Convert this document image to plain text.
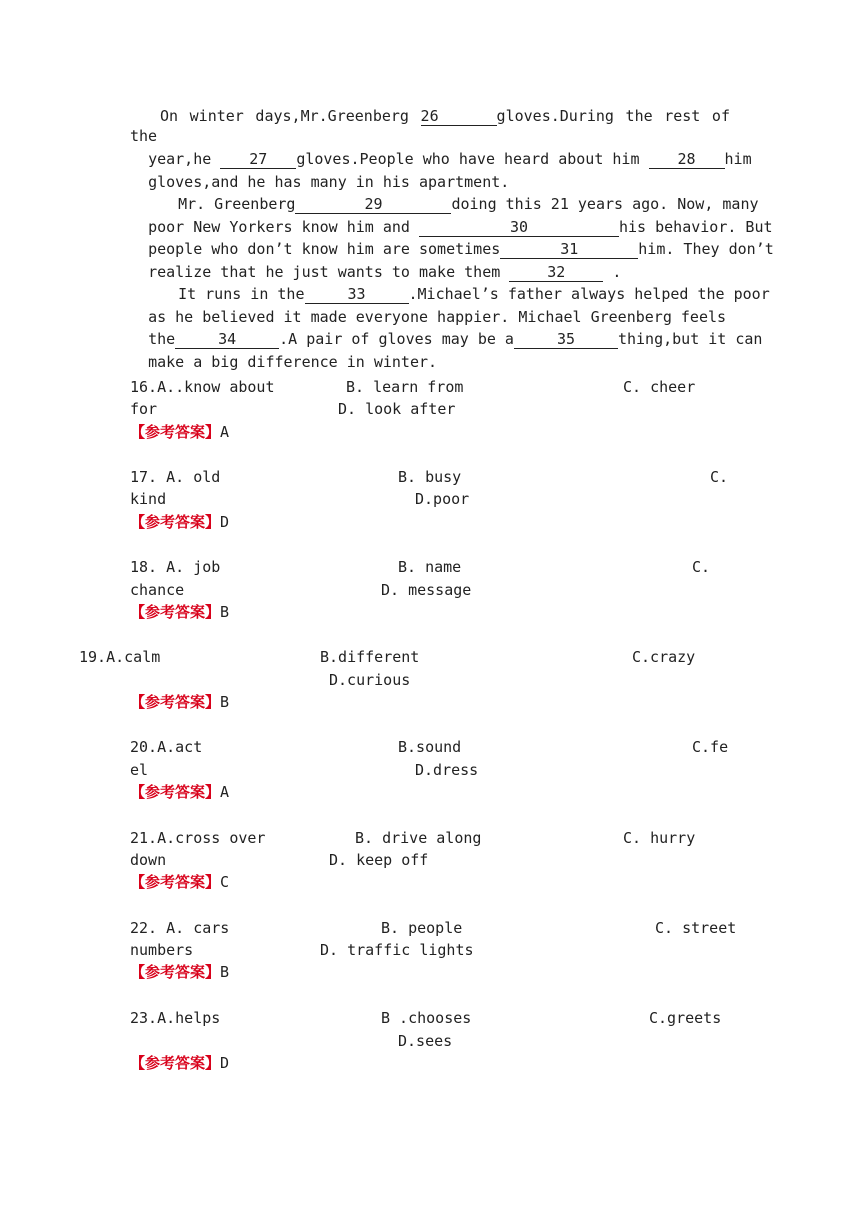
On winter days,Mr.Greenberg 26	gloves.During the rest of the

year,he 27 gloves.People who have heard about him 28 him

gloves,and he has many in his apartment.

Mr. Greenberg	29	doing this 21 years ago. Now, many

poor New Yorkers know him and	30	his behavior. But

people who don’t know him are sometimes	31	him. They don’t

realize that he just wants to make them	32	.

It runs in the	33	.Michael’s father always helped the poor

as he believed it made everyone happier. Michael Greenberg feels

the	34	.A pair of gloves may be a	35	thing,but it can

make a big difference in winter.

16.A..know about	B. learn from	C. cheer
for	D. look after
【参考答案】A
17. A. old	B. busy	C.
kind	D.poor
【参考答案】D
18. A. job	B. name	C.
chance	D. message
【参考答案】B
19.A.calm	B.different	C.crazy
D.curious
【参考答案】B
20.A.act	B.sound	C.fe
el	D.dress
【参考答案】A
21.A.cross over	B. drive along	C. hurry
down	D. keep off
【参考答案】C
22. A. cars	B. people	C. street
numbers	D. traffic lights
【参考答案】B
23.A.helps	B .chooses	C.greets
D.sees
【参考答案】D
